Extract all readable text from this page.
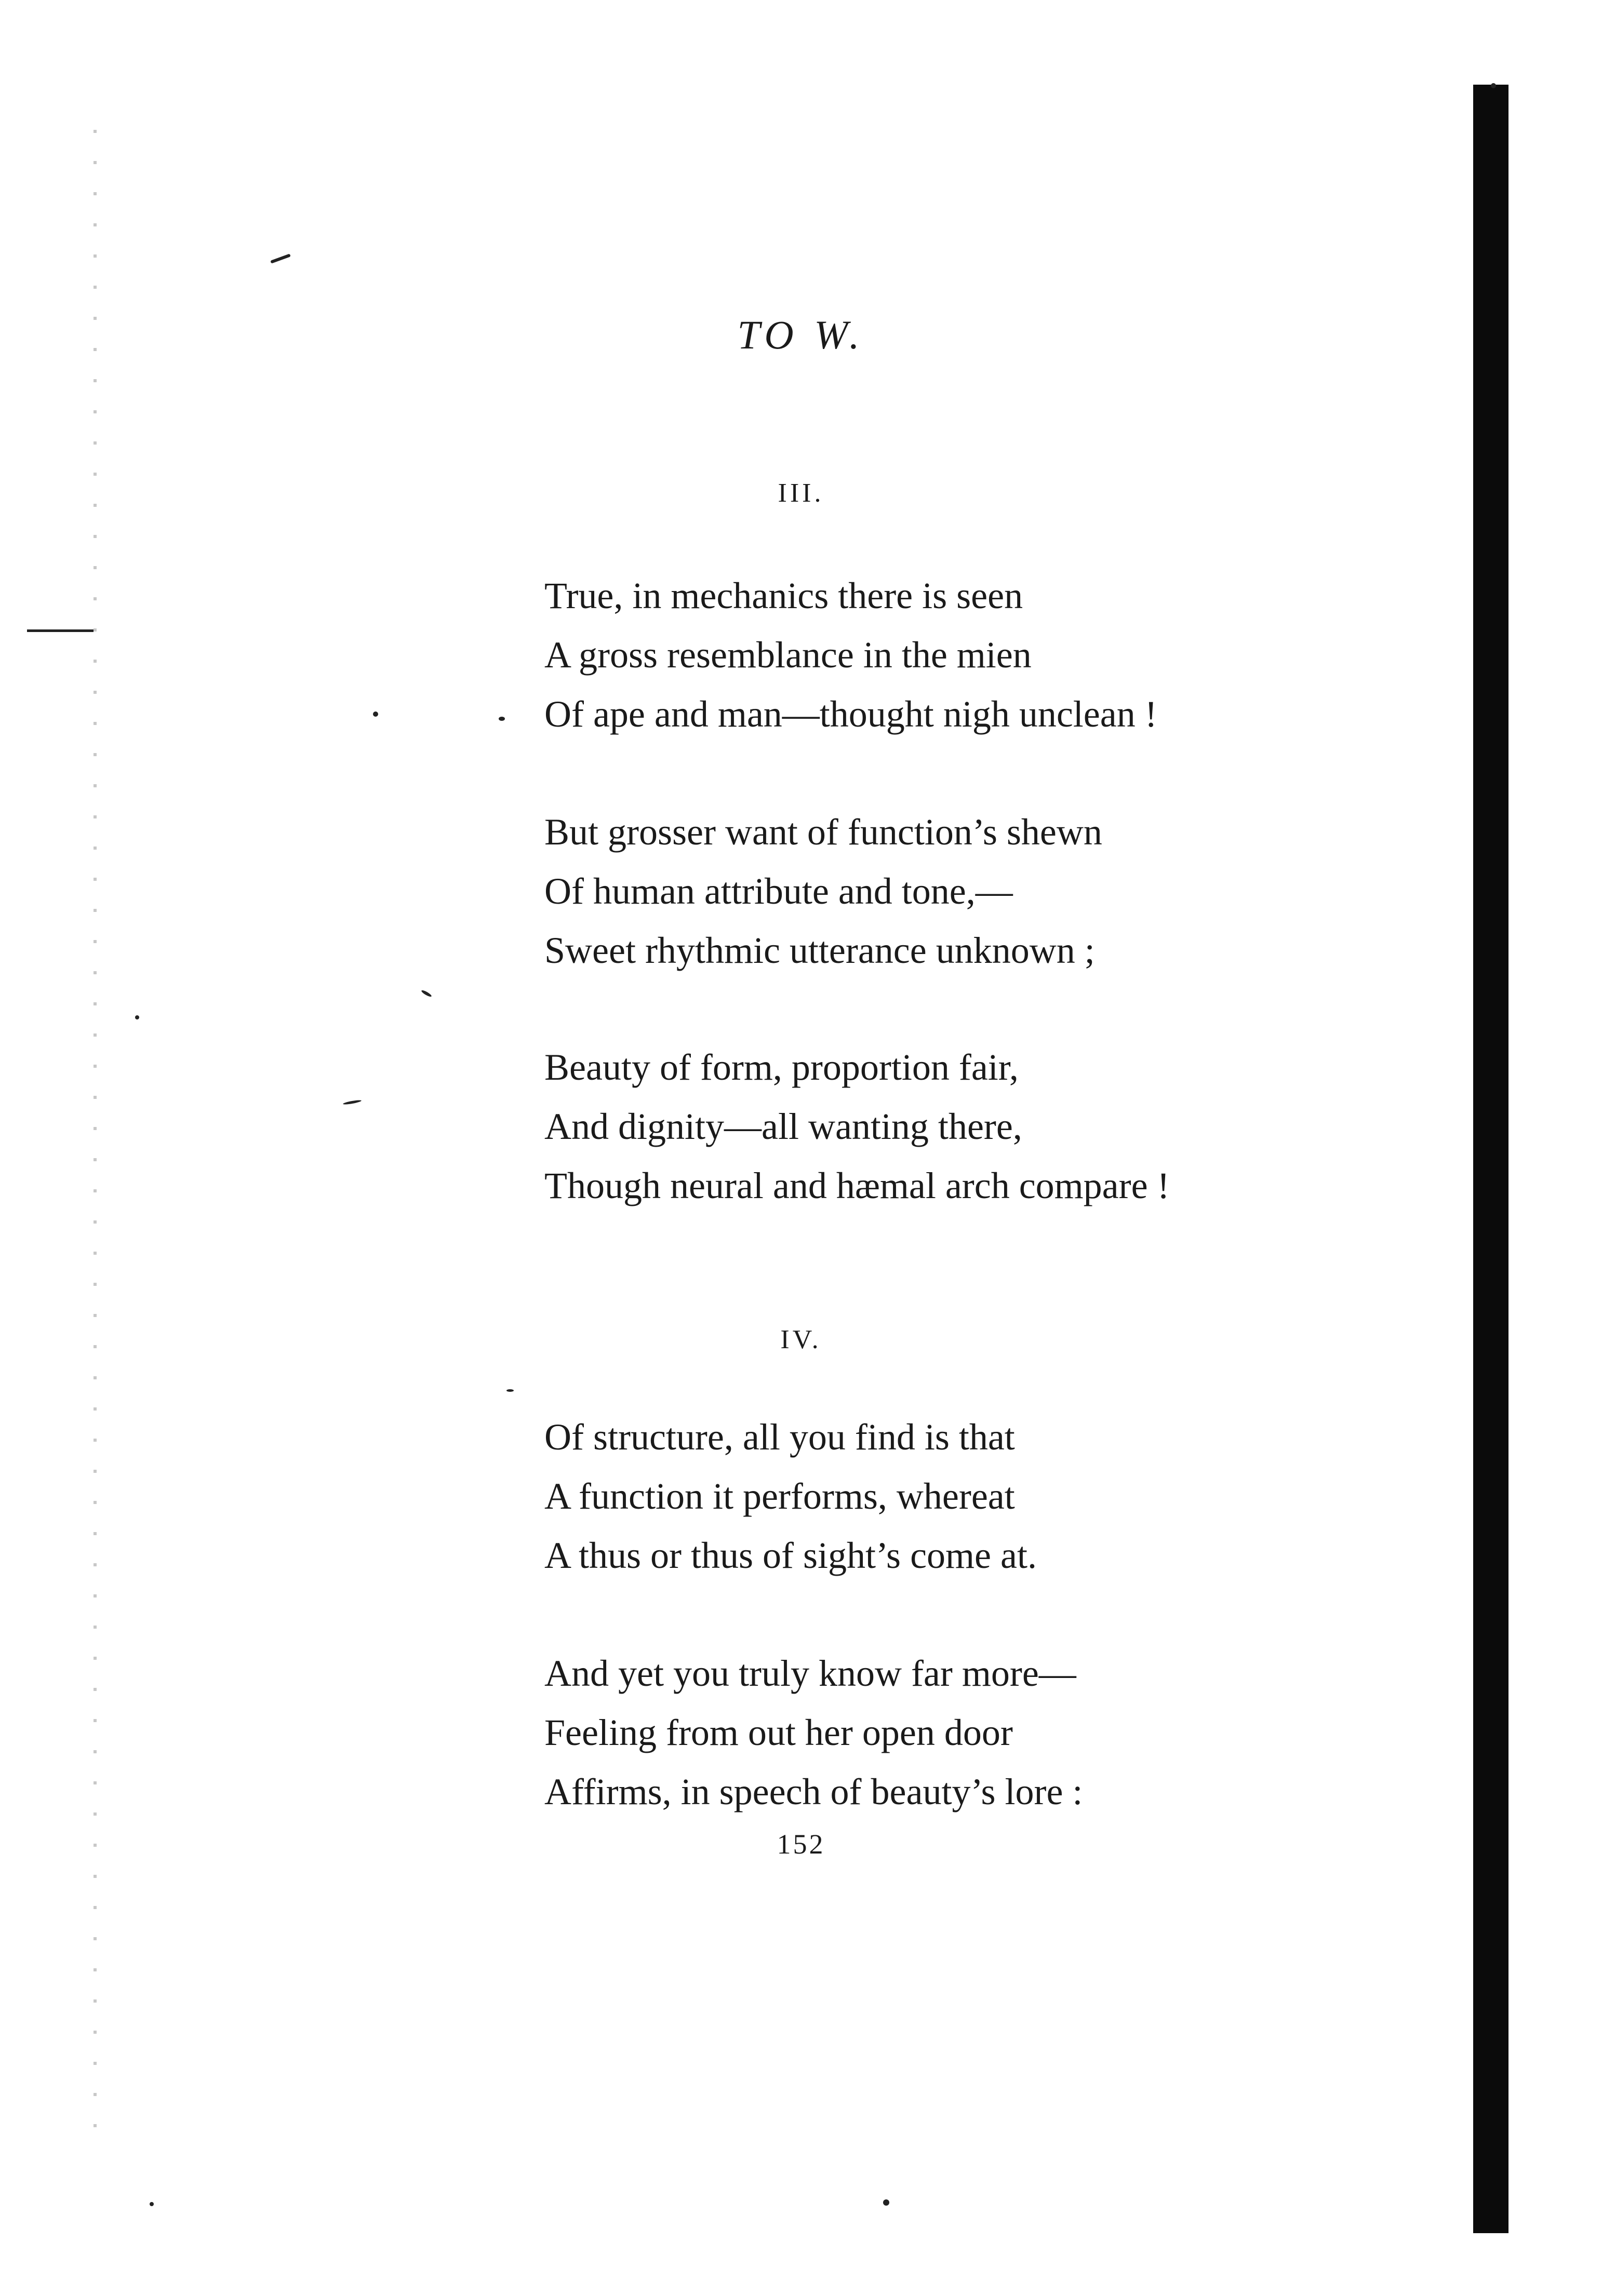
TO W.
III.
True, in mechanics there is seen
A gross resemblance in the mien
Of ape and man—thought nigh unclean !
But grosser want of function’s shewn
Of human attribute and tone,—
Sweet rhythmic utterance unknown ;
Beauty of form, proportion fair,
And dignity—all wanting there,
Though neural and hæmal arch compare !
IV.
Of structure, all you find is that
A function it performs, whereat
A thus or thus of sight’s come at.
And yet you truly know far more—
Feeling from out her open door
Affirms, in speech of beauty’s lore :
152
